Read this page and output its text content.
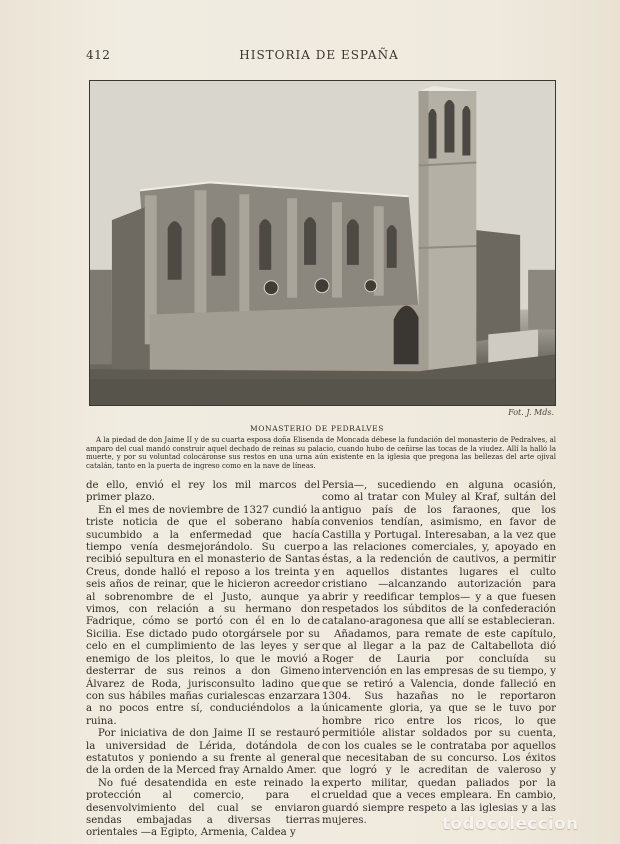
412	HISTORIA DE ESPAÑA
Fot. J. Mds.
MONASTERIO DE PEDRALVES

A la piedad de don Jaime II y de su cuarta esposa doña Elisenda de Moncada débese la fundación del monasterio de Pedralves, al amparo del cual mandó construir aquel dechado de reinas su palacio, cuando hubo de ceñirse las tocas de la viudez. Allí la halló la muerte, y por su voluntad colocáronse sus restos en una urna aún existente en la iglesia que pregona las bellezas del arte ojival catalán, tanto en la puerta de ingreso como en la nave de líneas.

de ello, envió el rey los mil marcos del primer plazo.

En el mes de noviembre de 1327 cundió la triste noticia de que el soberano había sucumbido a la enfermedad que hacía tiempo venía desmejorándolo. Su cuerpo recibió sepultura en el monasterio de Santas Creus, donde halló el reposo a los treinta y seis años de reinar, que le hicieron acreedor al sobrenombre de el Justo, aunque ya vimos, con relación a su hermano don Fadrique, cómo se portó con él en lo de Sicilia. Ese dictado pudo otorgársele por su celo en el cumplimiento de las leyes y ser enemigo de los pleitos, lo que le movió a desterrar de sus reinos a don Gimeno Álvarez de Roda, jurisconsulto ladino que con sus hábiles mañas curialescas enzarzara a no pocos entre sí, conduciéndolos a la ruina.

Por iniciativa de don Jaime II se restauró la universidad de Lérida, dotándola de estatutos y poniendo a su frente al general de la orden de la Merced fray Arnaldo Amer.

No fué desatendida en este reinado la protección al comercio, para el desenvolvimiento del cual se enviaron sendas embajadas a diversas tierras orientales —a Egipto, Armenia, Caldea y

Persia—, sucediendo en alguna ocasión, como al tratar con Muley al Kraf, sultán del antiguo país de los faraones, que los convenios tendían, asimismo, en favor de Castilla y Portugal. Interesaban, a la vez que a las relaciones comerciales, y, apoyado en éstas, a la redención de cautivos, a permitir en aquellos distantes lugares el culto cristiano —alcanzando autorización para abrir y reedificar templos— y a que fuesen respetados los súbditos de la confederación catalano-aragonesa que allí se establecieran.

Añadamos, para remate de este capítulo, que al llegar a la paz de Caltabellota dió Roger de Lauria por concluída su intervención en las empresas de su tiempo, y que se retiró a Valencia, donde falleció en 1304. Sus hazañas no le reportaron únicamente gloria, ya que se le tuvo por hombre rico entre los ricos, lo que permitióle alistar soldados por su cuenta, con los cuales se le contrataba por aquellos que necesitaban de su concurso. Los éxitos que logró y le acreditan de valeroso y experto militar, quedan paliados por la crueldad que a veces empleara. En cambio, guardó siempre respeto a las iglesias y a las mujeres.	todocoleccion
